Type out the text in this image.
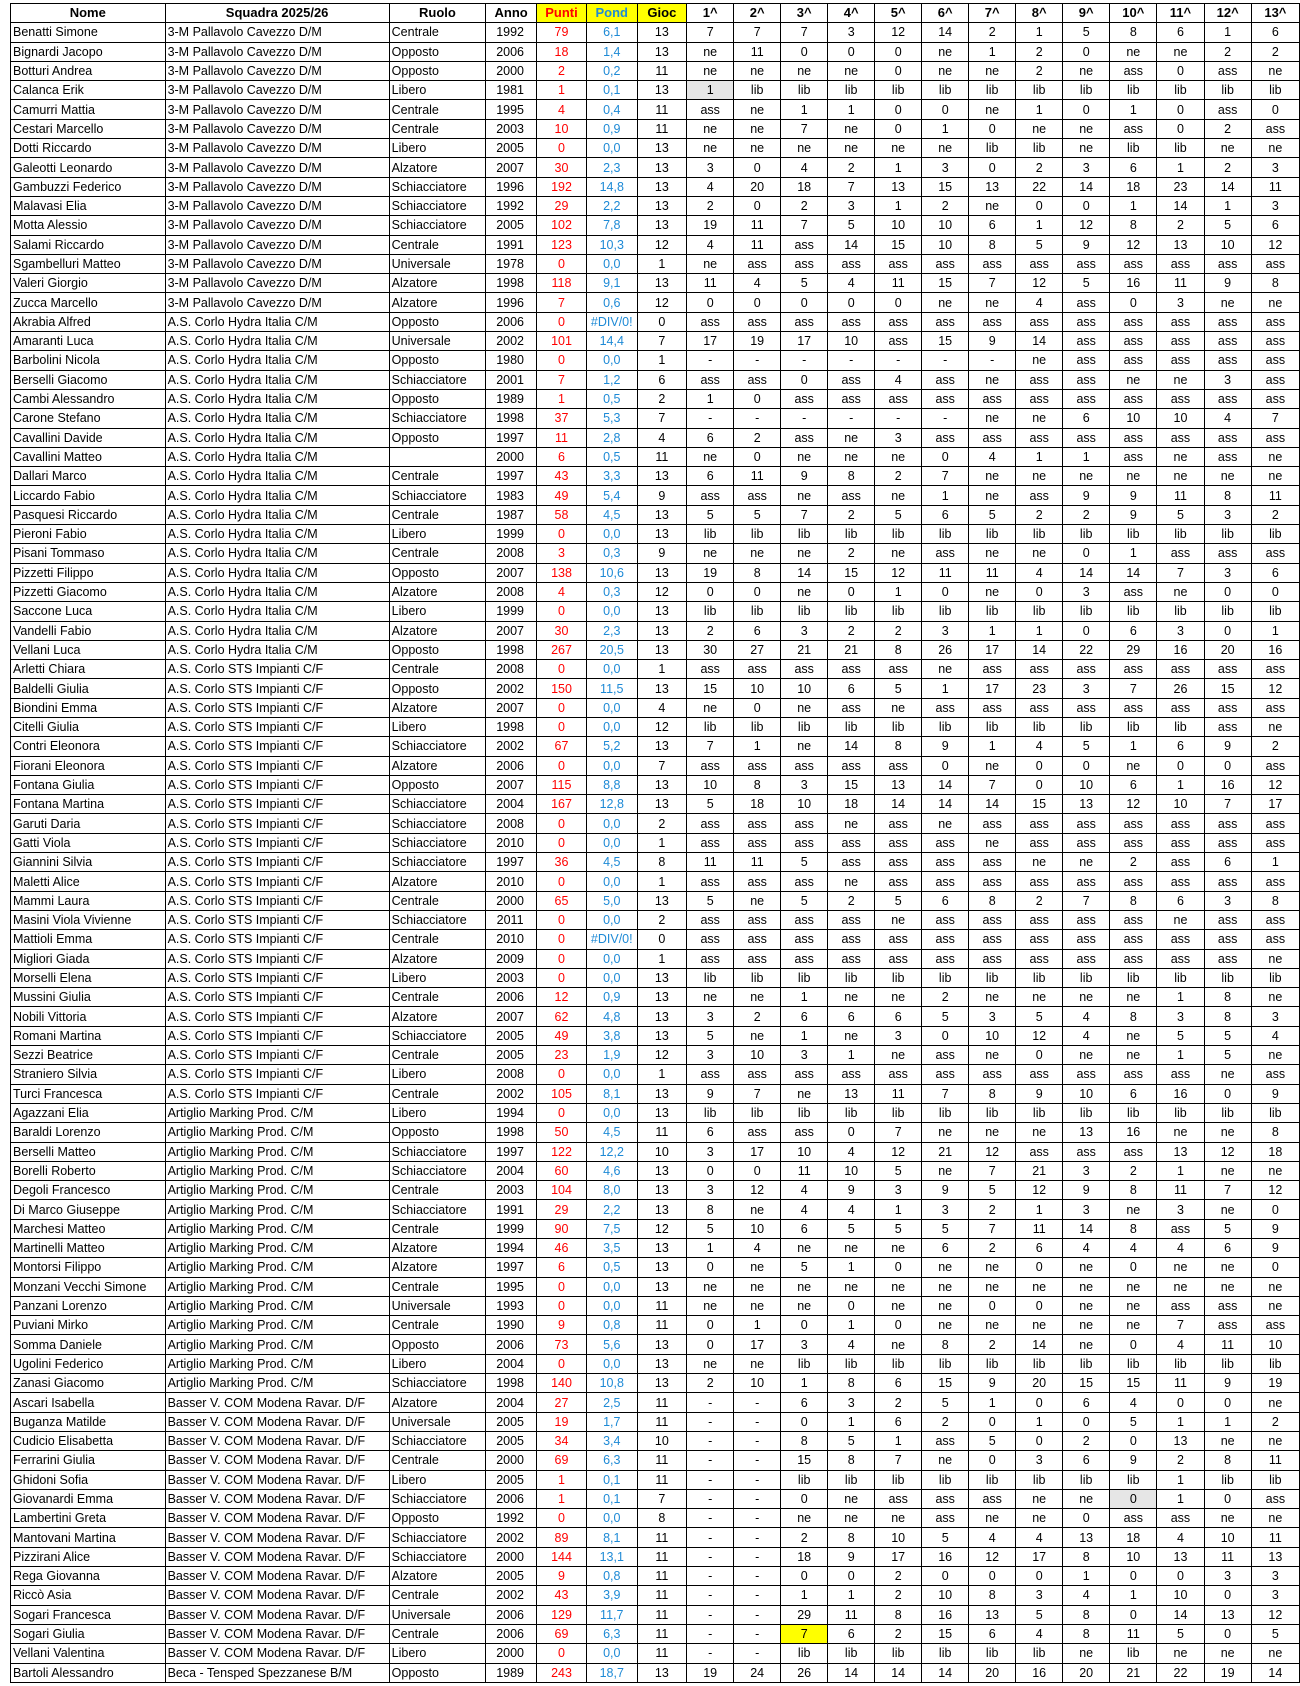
Nome	Squadra 2025/26	Ruolo	Anno	Punti	Pond	Gioc	1^	2^	3^	4^	5^	6^	7^	8^	9^	10^	11^	12^	13^
Benatti Simone	3-M Pallavolo Cavezzo D/M	Centrale	1992	79	6,1	13	7	7	7	3	12	14	2	1	5	8	6	1	6
Bignardi Jacopo	3-M Pallavolo Cavezzo D/M	Opposto	2006	18	1,4	13	ne	11	0	0	0	ne	1	2	0	ne	ne	2	2
Botturi Andrea	3-M Pallavolo Cavezzo D/M	Opposto	2000	2	0,2	11	ne	ne	ne	ne	0	ne	ne	2	ne	ass	0	ass	ne
Calanca Erik	3-M Pallavolo Cavezzo D/M	Libero	1981	1	0,1	13	1	lib	lib	lib	lib	lib	lib	lib	lib	lib	lib	lib	lib
Camurri Mattia	3-M Pallavolo Cavezzo D/M	Centrale	1995	4	0,4	11	ass	ne	1	1	0	0	ne	1	0	1	0	ass	0
Cestari Marcello	3-M Pallavolo Cavezzo D/M	Centrale	2003	10	0,9	11	ne	ne	7	ne	0	1	0	ne	ne	ass	0	2	ass
Dotti Riccardo	3-M Pallavolo Cavezzo D/M	Libero	2005	0	0,0	13	ne	ne	ne	ne	ne	ne	lib	lib	ne	lib	lib	ne	ne
Galeotti Leonardo	3-M Pallavolo Cavezzo D/M	Alzatore	2007	30	2,3	13	3	0	4	2	1	3	0	2	3	6	1	2	3
Gambuzzi Federico	3-M Pallavolo Cavezzo D/M	Schiacciatore	1996	192	14,8	13	4	20	18	7	13	15	13	22	14	18	23	14	11
Malavasi Elia	3-M Pallavolo Cavezzo D/M	Schiacciatore	1992	29	2,2	13	2	0	2	3	1	2	ne	0	0	1	14	1	3
Motta Alessio	3-M Pallavolo Cavezzo D/M	Schiacciatore	2005	102	7,8	13	19	11	7	5	10	10	6	1	12	8	2	5	6
Salami Riccardo	3-M Pallavolo Cavezzo D/M	Centrale	1991	123	10,3	12	4	11	ass	14	15	10	8	5	9	12	13	10	12
Sgambelluri Matteo	3-M Pallavolo Cavezzo D/M	Universale	1978	0	0,0	1	ne	ass	ass	ass	ass	ass	ass	ass	ass	ass	ass	ass	ass
Valeri Giorgio	3-M Pallavolo Cavezzo D/M	Alzatore	1998	118	9,1	13	11	4	5	4	11	15	7	12	5	16	11	9	8
Zucca Marcello	3-M Pallavolo Cavezzo D/M	Alzatore	1996	7	0,6	12	0	0	0	0	0	ne	ne	4	ass	0	3	ne	ne
Akrabia Alfred	A.S. Corlo Hydra Italia C/M	Opposto	2006	0	#DIV/0!	0	ass	ass	ass	ass	ass	ass	ass	ass	ass	ass	ass	ass	ass
Amaranti Luca	A.S. Corlo Hydra Italia C/M	Universale	2002	101	14,4	7	17	19	17	10	ass	15	9	14	ass	ass	ass	ass	ass
Barbolini Nicola	A.S. Corlo Hydra Italia C/M	Opposto	1980	0	0,0	1	-	-	-	-	-	-	-	ne	ass	ass	ass	ass	ass
Berselli Giacomo	A.S. Corlo Hydra Italia C/M	Schiacciatore	2001	7	1,2	6	ass	ass	0	ass	4	ass	ne	ass	ass	ne	ne	3	ass
Cambi Alessandro	A.S. Corlo Hydra Italia C/M	Opposto	1989	1	0,5	2	1	0	ass	ass	ass	ass	ass	ass	ass	ass	ass	ass	ass
Carone Stefano	A.S. Corlo Hydra Italia C/M	Schiacciatore	1998	37	5,3	7	-	-	-	-	-	-	ne	ne	6	10	10	4	7
Cavallini Davide	A.S. Corlo Hydra Italia C/M	Opposto	1997	11	2,8	4	6	2	ass	ne	3	ass	ass	ass	ass	ass	ass	ass	ass
Cavallini Matteo	A.S. Corlo Hydra Italia C/M		2000	6	0,5	11	ne	0	ne	ne	ne	0	4	1	1	ass	ne	ass	ne
Dallari Marco	A.S. Corlo Hydra Italia C/M	Centrale	1997	43	3,3	13	6	11	9	8	2	7	ne	ne	ne	ne	ne	ne	ne
Liccardo Fabio	A.S. Corlo Hydra Italia C/M	Schiacciatore	1983	49	5,4	9	ass	ass	ne	ass	ne	1	ne	ass	9	9	11	8	11
Pasquesi Riccardo	A.S. Corlo Hydra Italia C/M	Centrale	1987	58	4,5	13	5	5	7	2	5	6	5	2	2	9	5	3	2
Pieroni Fabio	A.S. Corlo Hydra Italia C/M	Libero	1999	0	0,0	13	lib	lib	lib	lib	lib	lib	lib	lib	lib	lib	lib	lib	lib
Pisani Tommaso	A.S. Corlo Hydra Italia C/M	Centrale	2008	3	0,3	9	ne	ne	ne	2	ne	ass	ne	ne	0	1	ass	ass	ass
Pizzetti Filippo	A.S. Corlo Hydra Italia C/M	Opposto	2007	138	10,6	13	19	8	14	15	12	11	11	4	14	14	7	3	6
Pizzetti Giacomo	A.S. Corlo Hydra Italia C/M	Alzatore	2008	4	0,3	12	0	0	ne	0	1	0	ne	0	3	ass	ne	0	0
Saccone Luca	A.S. Corlo Hydra Italia C/M	Libero	1999	0	0,0	13	lib	lib	lib	lib	lib	lib	lib	lib	lib	lib	lib	lib	lib
Vandelli Fabio	A.S. Corlo Hydra Italia C/M	Alzatore	2007	30	2,3	13	2	6	3	2	2	3	1	1	0	6	3	0	1
Vellani Luca	A.S. Corlo Hydra Italia C/M	Opposto	1998	267	20,5	13	30	27	21	21	8	26	17	14	22	29	16	20	16
Arletti Chiara	A.S. Corlo STS Impianti C/F	Centrale	2008	0	0,0	1	ass	ass	ass	ass	ass	ne	ass	ass	ass	ass	ass	ass	ass
Baldelli Giulia	A.S. Corlo STS Impianti C/F	Opposto	2002	150	11,5	13	15	10	10	6	5	1	17	23	3	7	26	15	12
Biondini Emma	A.S. Corlo STS Impianti C/F	Alzatore	2007	0	0,0	4	ne	0	ne	ass	ne	ass	ass	ass	ass	ass	ass	ass	ass
Citelli Giulia	A.S. Corlo STS Impianti C/F	Libero	1998	0	0,0	12	lib	lib	lib	lib	lib	lib	lib	lib	lib	lib	lib	ass	ne
Contri Eleonora	A.S. Corlo STS Impianti C/F	Schiacciatore	2002	67	5,2	13	7	1	ne	14	8	9	1	4	5	1	6	9	2
Fiorani Eleonora	A.S. Corlo STS Impianti C/F	Alzatore	2006	0	0,0	7	ass	ass	ass	ass	ass	0	ne	0	0	ne	0	0	ass
Fontana Giulia	A.S. Corlo STS Impianti C/F	Opposto	2007	115	8,8	13	10	8	3	15	13	14	7	0	10	6	1	16	12
Fontana Martina	A.S. Corlo STS Impianti C/F	Schiacciatore	2004	167	12,8	13	5	18	10	18	14	14	14	15	13	12	10	7	17
Garuti Daria	A.S. Corlo STS Impianti C/F	Schiacciatore	2008	0	0,0	2	ass	ass	ass	ne	ass	ne	ass	ass	ass	ass	ass	ass	ass
Gatti Viola	A.S. Corlo STS Impianti C/F	Schiacciatore	2010	0	0,0	1	ass	ass	ass	ass	ass	ass	ne	ass	ass	ass	ass	ass	ass
Giannini Silvia	A.S. Corlo STS Impianti C/F	Schiacciatore	1997	36	4,5	8	11	11	5	ass	ass	ass	ass	ne	ne	2	ass	6	1
Maletti Alice	A.S. Corlo STS Impianti C/F	Alzatore	2010	0	0,0	1	ass	ass	ass	ne	ass	ass	ass	ass	ass	ass	ass	ass	ass
Mammi Laura	A.S. Corlo STS Impianti C/F	Centrale	2000	65	5,0	13	5	ne	5	2	5	6	8	2	7	8	6	3	8
Masini Viola Vivienne	A.S. Corlo STS Impianti C/F	Schiacciatore	2011	0	0,0	2	ass	ass	ass	ass	ne	ass	ass	ass	ass	ass	ne	ass	ass
Mattioli Emma	A.S. Corlo STS Impianti C/F	Centrale	2010	0	#DIV/0!	0	ass	ass	ass	ass	ass	ass	ass	ass	ass	ass	ass	ass	ass
Migliori Giada	A.S. Corlo STS Impianti C/F	Alzatore	2009	0	0,0	1	ass	ass	ass	ass	ass	ass	ass	ass	ass	ass	ass	ass	ne
Morselli Elena	A.S. Corlo STS Impianti C/F	Libero	2003	0	0,0	13	lib	lib	lib	lib	lib	lib	lib	lib	lib	lib	lib	lib	lib
Mussini Giulia	A.S. Corlo STS Impianti C/F	Centrale	2006	12	0,9	13	ne	ne	1	ne	ne	2	ne	ne	ne	ne	1	8	ne
Nobili Vittoria	A.S. Corlo STS Impianti C/F	Alzatore	2007	62	4,8	13	3	2	6	6	6	5	3	5	4	8	3	8	3
Romani Martina	A.S. Corlo STS Impianti C/F	Schiacciatore	2005	49	3,8	13	5	ne	1	ne	3	0	10	12	4	ne	5	5	4
Sezzi Beatrice	A.S. Corlo STS Impianti C/F	Centrale	2005	23	1,9	12	3	10	3	1	ne	ass	ne	0	ne	ne	1	5	ne
Straniero Silvia	A.S. Corlo STS Impianti C/F	Libero	2008	0	0,0	1	ass	ass	ass	ass	ass	ass	ass	ass	ass	ass	ass	ne	ass
Turci Francesca	A.S. Corlo STS Impianti C/F	Centrale	2002	105	8,1	13	9	7	ne	13	11	7	8	9	10	6	16	0	9
Agazzani Elia	Artiglio Marking Prod. C/M	Libero	1994	0	0,0	13	lib	lib	lib	lib	lib	lib	lib	lib	lib	lib	lib	lib	lib
Baraldi Lorenzo	Artiglio Marking Prod. C/M	Opposto	1998	50	4,5	11	6	ass	ass	0	7	ne	ne	ne	13	16	ne	ne	8
Berselli Matteo	Artiglio Marking Prod. C/M	Schiacciatore	1997	122	12,2	10	3	17	10	4	12	21	12	ass	ass	ass	13	12	18
Borelli Roberto	Artiglio Marking Prod. C/M	Schiacciatore	2004	60	4,6	13	0	0	11	10	5	ne	7	21	3	2	1	ne	ne
Degoli Francesco	Artiglio Marking Prod. C/M	Centrale	2003	104	8,0	13	3	12	4	9	3	9	5	12	9	8	11	7	12
Di Marco Giuseppe	Artiglio Marking Prod. C/M	Schiacciatore	1991	29	2,2	13	8	ne	4	4	1	3	2	1	3	ne	3	ne	0
Marchesi Matteo	Artiglio Marking Prod. C/M	Centrale	1999	90	7,5	12	5	10	6	5	5	5	7	11	14	8	ass	5	9
Martinelli Matteo	Artiglio Marking Prod. C/M	Alzatore	1994	46	3,5	13	1	4	ne	ne	ne	6	2	6	4	4	4	6	9
Montorsi Filippo	Artiglio Marking Prod. C/M	Alzatore	1997	6	0,5	13	0	ne	5	1	0	ne	ne	0	ne	0	ne	ne	0
Monzani Vecchi Simone	Artiglio Marking Prod. C/M	Centrale	1995	0	0,0	13	ne	ne	ne	ne	ne	ne	ne	ne	ne	ne	ne	ne	ne
Panzani Lorenzo	Artiglio Marking Prod. C/M	Universale	1993	0	0,0	11	ne	ne	ne	0	ne	ne	0	0	ne	ne	ass	ass	ne
Puviani Mirko	Artiglio Marking Prod. C/M	Centrale	1990	9	0,8	11	0	1	0	1	0	ne	ne	ne	ne	ne	7	ass	ass
Somma Daniele	Artiglio Marking Prod. C/M	Opposto	2006	73	5,6	13	0	17	3	4	ne	8	2	14	ne	0	4	11	10
Ugolini Federico	Artiglio Marking Prod. C/M	Libero	2004	0	0,0	13	ne	ne	lib	lib	lib	lib	lib	lib	lib	lib	lib	lib	lib
Zanasi Giacomo	Artiglio Marking Prod. C/M	Schiacciatore	1998	140	10,8	13	2	10	1	8	6	15	9	20	15	15	11	9	19
Ascari Isabella	Basser V. COM Modena Ravar. D/F	Alzatore	2004	27	2,5	11	-	-	6	3	2	5	1	0	6	4	0	0	ne
Buganza Matilde	Basser V. COM Modena Ravar. D/F	Universale	2005	19	1,7	11	-	-	0	1	6	2	0	1	0	5	1	1	2
Cudicio Elisabetta	Basser V. COM Modena Ravar. D/F	Schiacciatore	2005	34	3,4	10	-	-	8	5	1	ass	5	0	2	0	13	ne	ne
Ferrarini Giulia	Basser V. COM Modena Ravar. D/F	Centrale	2000	69	6,3	11	-	-	15	8	7	ne	0	3	6	9	2	8	11
Ghidoni Sofia	Basser V. COM Modena Ravar. D/F	Libero	2005	1	0,1	11	-	-	lib	lib	lib	lib	lib	lib	lib	lib	1	lib	lib
Giovanardi Emma	Basser V. COM Modena Ravar. D/F	Schiacciatore	2006	1	0,1	7	-	-	0	ne	ass	ass	ass	ne	ne	0	1	0	ass
Lambertini Greta	Basser V. COM Modena Ravar. D/F	Opposto	1992	0	0,0	8	-	-	ne	ne	ne	ass	ne	ne	0	ass	ass	ne	ne
Mantovani Martina	Basser V. COM Modena Ravar. D/F	Schiacciatore	2002	89	8,1	11	-	-	2	8	10	5	4	4	13	18	4	10	11
Pizzirani Alice	Basser V. COM Modena Ravar. D/F	Schiacciatore	2000	144	13,1	11	-	-	18	9	17	16	12	17	8	10	13	11	13
Rega Giovanna	Basser V. COM Modena Ravar. D/F	Alzatore	2005	9	0,8	11	-	-	0	0	2	0	0	0	1	0	0	3	3
Riccò Asia	Basser V. COM Modena Ravar. D/F	Centrale	2002	43	3,9	11	-	-	1	1	2	10	8	3	4	1	10	0	3
Sogari Francesca	Basser V. COM Modena Ravar. D/F	Universale	2006	129	11,7	11	-	-	29	11	8	16	13	5	8	0	14	13	12
Sogari Giulia	Basser V. COM Modena Ravar. D/F	Centrale	2006	69	6,3	11	-	-	7	6	2	15	6	4	8	11	5	0	5
Vellani Valentina	Basser V. COM Modena Ravar. D/F	Libero	2000	0	0,0	11	-	-	lib	lib	lib	lib	lib	lib	ne	lib	ne	ne	ne
Bartoli Alessandro	Beca - Tensped Spezzanese B/M	Opposto	1989	243	18,7	13	19	24	26	14	14	14	20	16	20	21	22	19	14
